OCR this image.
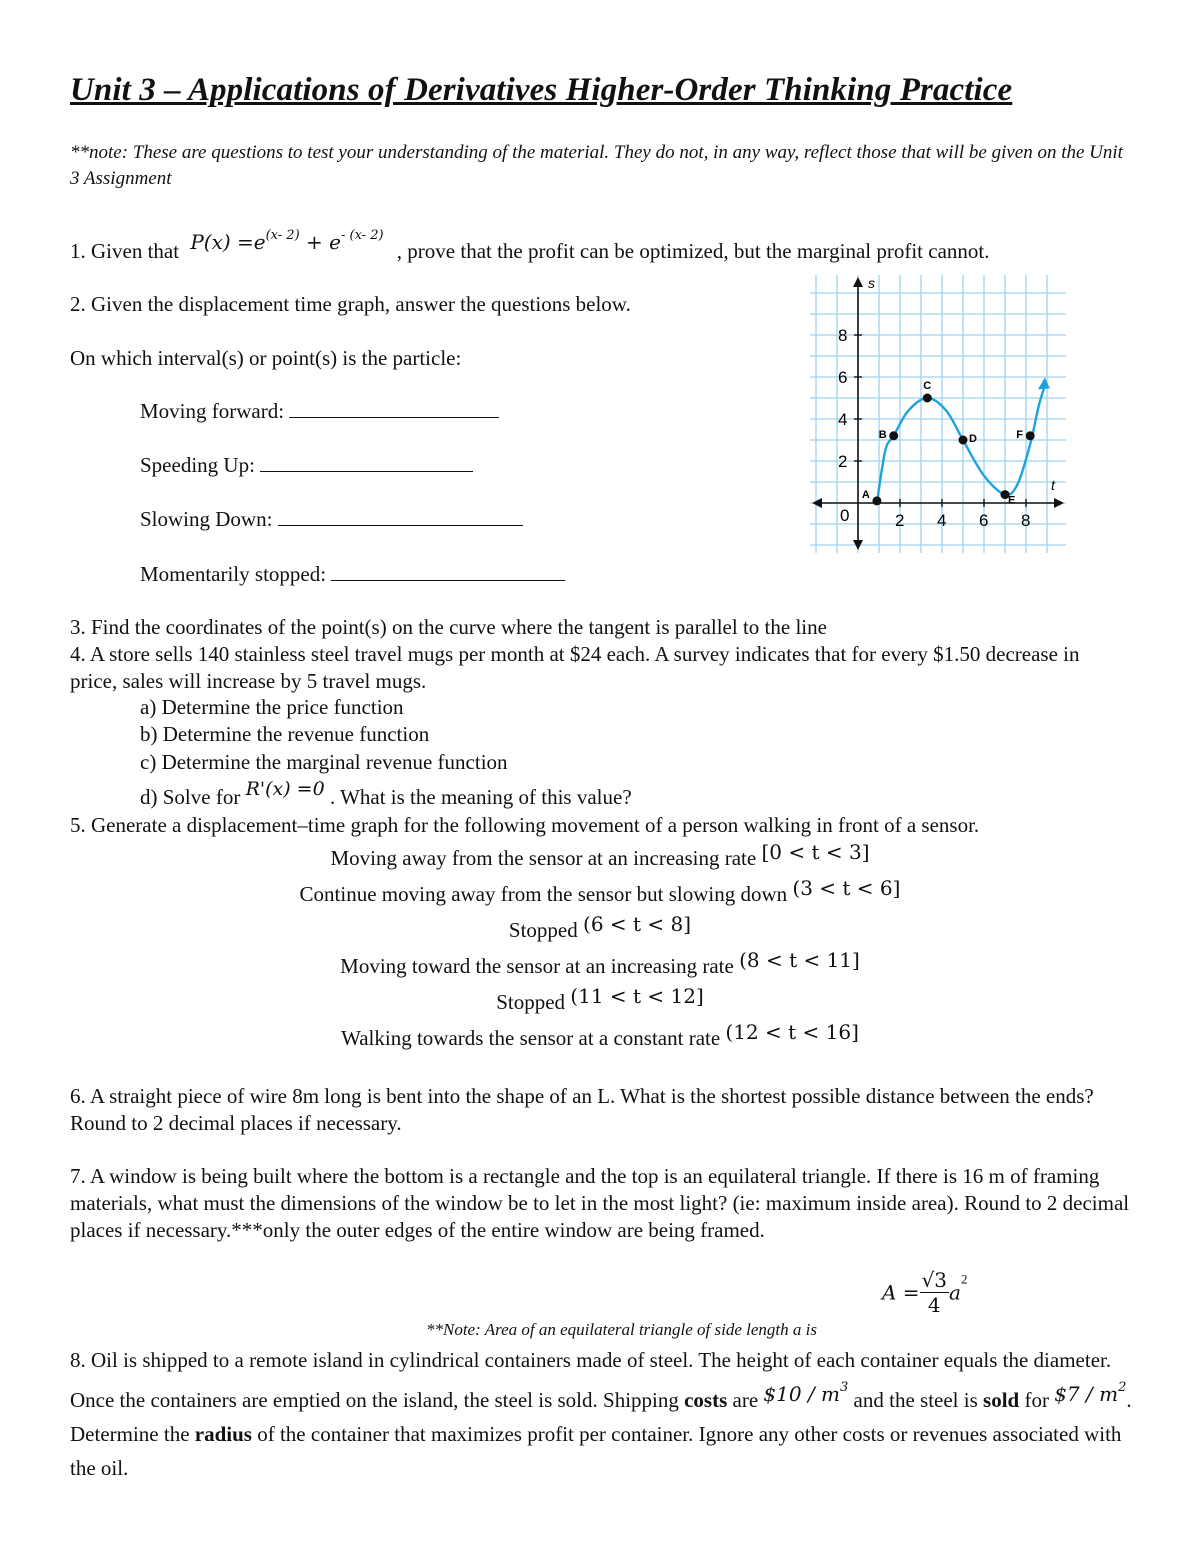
Unit 3 – Applications of Derivatives Higher-Order Thinking Practice
**note: These are questions to test your understanding of the material. They do not, in any way, reflect those that will be given on the Unit 3 Assignment
1. Given that $P(x) =e^{(x- 2)} + e^{- (x- 2)}$ , prove that the profit can be optimized, but the marginal profit cannot.
2. Given the displacement time graph, answer the questions below.
On which interval(s) or point(s) is the particle:
Moving forward:
Speeding Up:
Slowing Down:
Momentarily stopped:
2
4
6
8
2 4 6 8
s
t
0
A
B
C
D
E
F
3. Find the coordinates of the point(s) on the curve where the tangent is parallel to the line
4. A store sells 140 stainless steel travel mugs per month at $24 each. A survey indicates that for every $1.50 decrease in price, sales will increase by 5 travel mugs.
a) Determine the price function
b) Determine the revenue function
c) Determine the marginal revenue function
d) Solve for R'(x) =0 . What is the meaning of this value?
5. Generate a displacement–time graph for the following movement of a person walking in front of a sensor.
Moving away from the sensor at an increasing rate [0 < t < 3]
Continue moving away from the sensor but slowing down (3 < t < 6]
Stopped (6 < t < 8]
Moving toward the sensor at an increasing rate (8 < t < 11]
Stopped (11 < t < 12]
Walking towards the sensor at a constant rate (12 < t < 16]
6. A straight piece of wire 8m long is bent into the shape of an L. What is the shortest possible distance between the ends? Round to 2 decimal places if necessary.
7. A window is being built where the bottom is a rectangle and the top is an equilateral triangle. If there is 16 m of framing materials, what must the dimensions of the window be to let in the most light? (ie: maximum inside area). Round to 2 decimal places if necessary.***only the outer edges of the entire window are being framed.
$A = \frac{√3}{4} a^2$
**Note: Area of an equilateral triangle of side length a is
8. Oil is shipped to a remote island in cylindrical containers made of steel. The height of each container equals the diameter. Once the containers are emptied on the island, the steel is sold. Shipping costs are $10 / $m^3$ and the steel is sold for $7 / $m^2$. Determine the radius of the container that maximizes profit per container. Ignore any other costs or revenues associated with the oil.
